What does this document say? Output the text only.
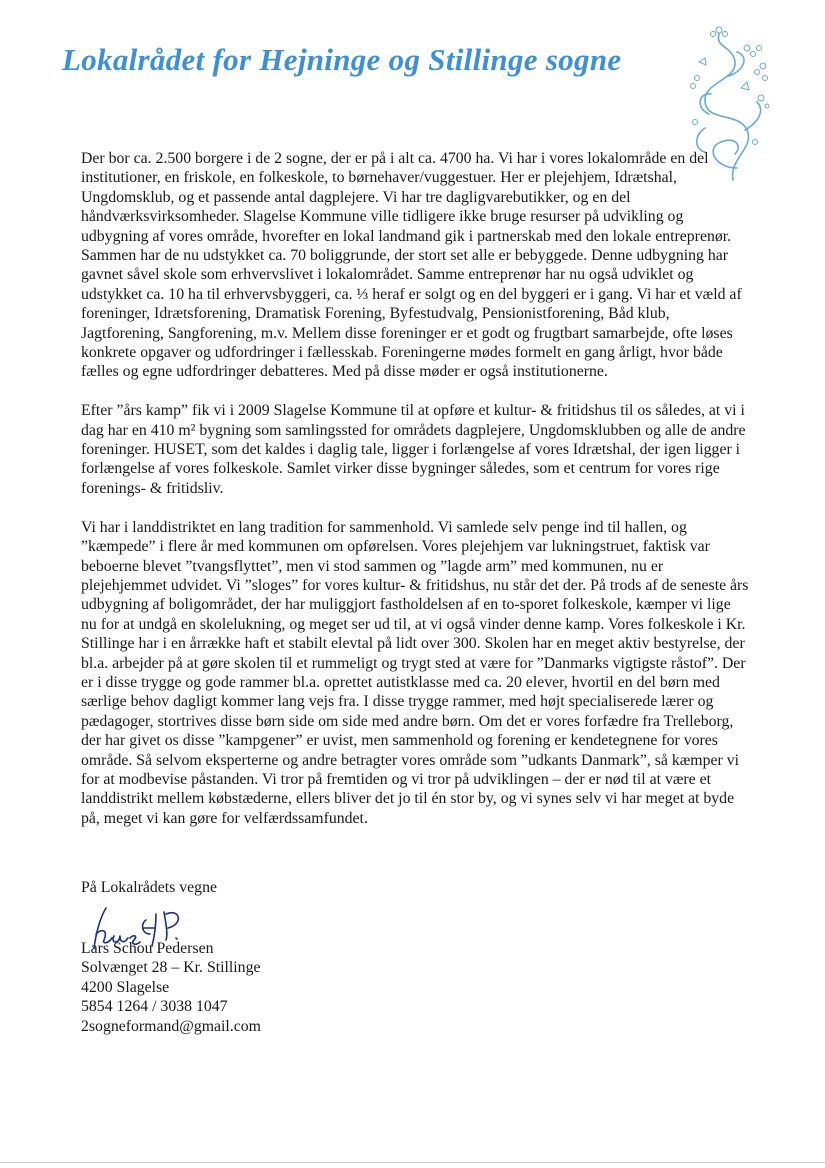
Lokalrådet for Hejninge og Stillinge sogne

Der bor ca. 2.500 borgere i de 2 sogne, der er på i alt ca. 4700 ha. Vi har i vores lokalområde en del institutioner, en friskole, en folkeskole, to børnehaver/vuggestuer. Her er plejehjem, Idrætshal, Ungdomsklub, og et passende antal dagplejere. Vi har tre dagligvarebutikker, og en del håndværksvirksomheder. Slagelse Kommune ville tidligere ikke bruge resurser på udvikling og udbygning af vores område, hvorefter en lokal landmand gik i partnerskab med den lokale entreprenør. Sammen har de nu udstykket ca. 70 boliggrunde, der stort set alle er bebyggede. Denne udbygning har gavnet såvel skole som erhvervslivet i lokalområdet. Samme entreprenør har nu også udviklet og udstykket ca. 10 ha til erhvervsbyggeri, ca. ⅓ heraf er solgt og en del byggeri er i gang. Vi har et væld af foreninger, Idrætsforening, Dramatisk Forening, Byfestudvalg, Pensionistforening, Båd klub, Jagtforening, Sangforening, m.v. Mellem disse foreninger er et godt og frugtbart samarbejde, ofte løses konkrete opgaver og udfordringer i fællesskab. Foreningerne mødes formelt en gang årligt, hvor både fælles og egne udfordringer debatteres. Med på disse møder er også institutionerne.

Efter ”års kamp” fik vi i 2009 Slagelse Kommune til at opføre et kultur- & fritidshus til os således, at vi i dag har en 410 m² bygning som samlingssted for områdets dagplejere, Ungdomsklubben og alle de andre foreninger. HUSET, som det kaldes i daglig tale, ligger i forlængelse af vores Idrætshal, der igen ligger i forlængelse af vores folkeskole. Samlet virker disse bygninger således, som et centrum for vores rige forenings- & fritidsliv.

Vi har i landdistriktet en lang tradition for sammenhold. Vi samlede selv penge ind til hallen, og ”kæmpede” i flere år med kommunen om opførelsen. Vores plejehjem var lukningstruet, faktisk var beboerne blevet ”tvangsflyttet”, men vi stod sammen og ”lagde arm” med kommunen, nu er plejehjemmet udvidet. Vi ”sloges” for vores kultur- & fritidshus, nu står det der. På trods af de seneste års udbygning af boligområdet, der har muliggjort fastholdelsen af en to-sporet folkeskole, kæmper vi lige nu for at undgå en skolelukning, og meget ser ud til, at vi også vinder denne kamp. Vores folkeskole i Kr. Stillinge har i en årrække haft et stabilt elevtal på lidt over 300. Skolen har en meget aktiv bestyrelse, der bl.a. arbejder på at gøre skolen til et rummeligt og trygt sted at være for ”Danmarks vigtigste råstof”. Der er i disse trygge og gode rammer bl.a. oprettet autistklasse med ca. 20 elever, hvortil en del børn med særlige behov dagligt kommer lang vejs fra. I disse trygge rammer, med højt specialiserede lærer og pædagoger, stortrives disse børn side om side med andre børn. Om det er vores forfædre fra Trelleborg, der har givet os disse ”kampgener” er uvist, men sammenhold og forening er kendetegnene for vores område. Så selvom eksperterne og andre betragter vores område som ”udkants Danmark”, så kæmper vi for at modbevise påstanden. Vi tror på fremtiden og vi tror på udviklingen – der er nød til at være et landdistrikt mellem købstæderne, ellers bliver det jo til én stor by, og vi synes selv vi har meget at byde på, meget vi kan gøre for velfærdssamfundet.

På Lokalrådets vegne
Lars Schou Pedersen
Solvænget 28 – Kr. Stillinge
4200 Slagelse
5854 1264 / 3038 1047
2sogneformand@gmail.com
